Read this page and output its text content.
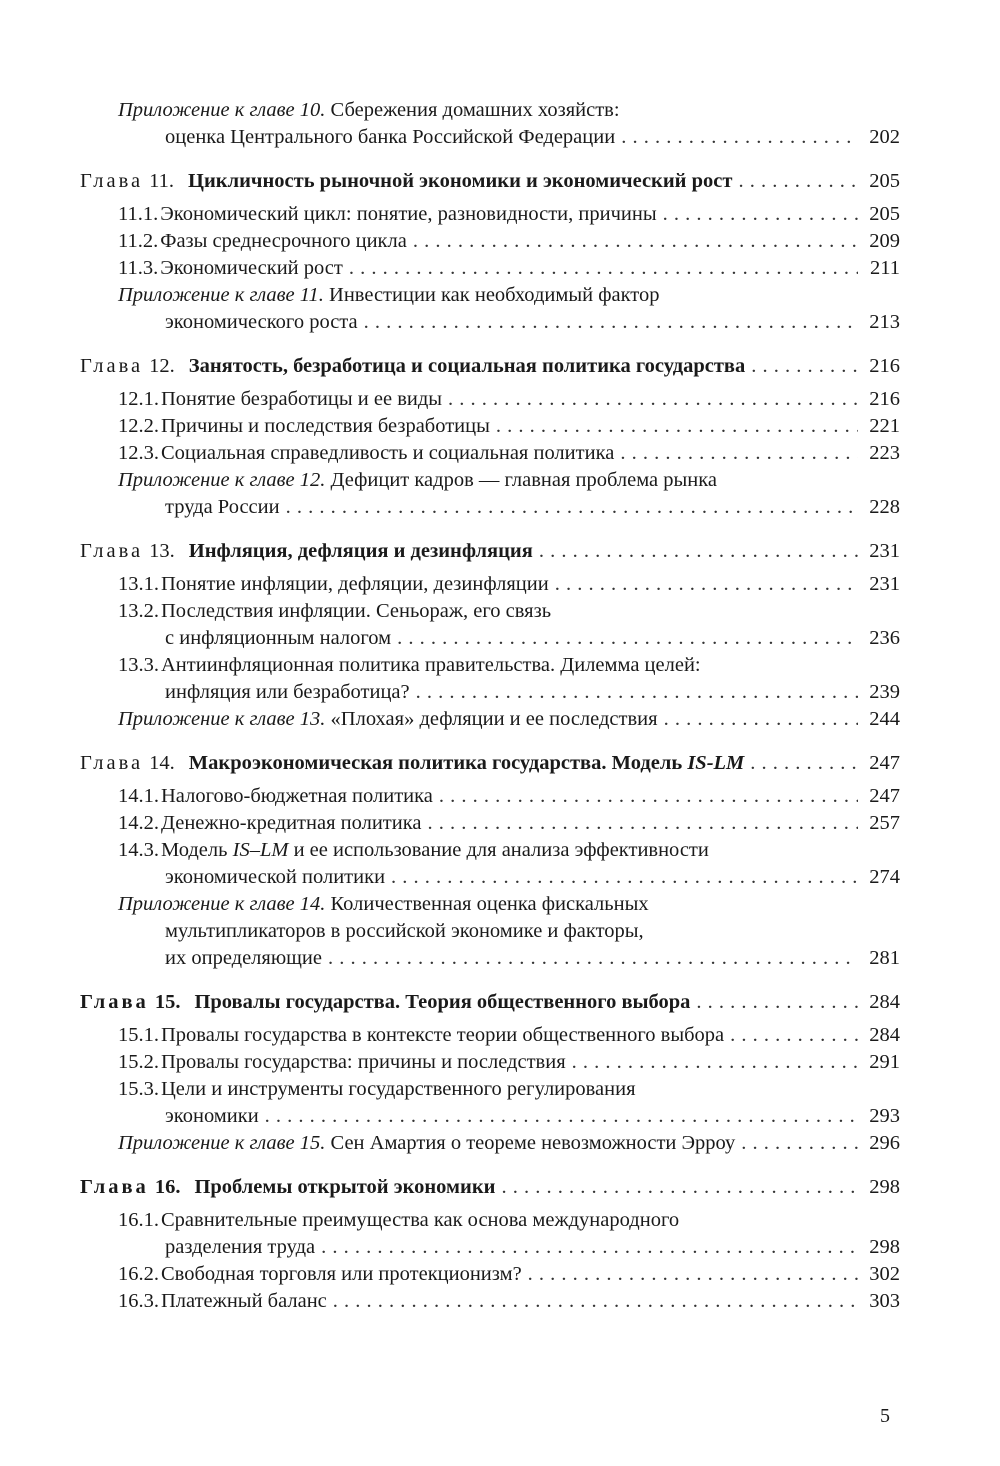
Приложение к главе 10. Сбережения домашних хозяйств:
оценка Центрального банка Российской Федерации . . .	202
Глава 11. Цикличность рыночной экономики и экономический рост . . .	205
11.1.Экономический цикл: понятие, разновидности, причины . . .	205
11.2.Фазы среднесрочного цикла . . .	209
11.3.Экономический рост . . .	211
Приложение к главе 11. Инвестиции как необходимый фактор
экономического роста . . .	213
Глава 12. Занятость, безработица и социальная политика государства . . .	216
12.1.Понятие безработицы и ее виды . . .	216
12.2.Причины и последствия безработицы . . .	221
12.3.Социальная справедливость и социальная политика . . .	223
Приложение к главе 12. Дефицит кадров — главная проблема рынка
труда России . . .	228
Глава 13. Инфляция, дефляция и дезинфляция . . .	231
13.1.Понятие инфляции, дефляции, дезинфляции . . .	231
13.2.Последствия инфляции. Сеньораж, его связь
с инфляционным налогом . . .	236
13.3.Антиинфляционная политика правительства. Дилемма целей:
инфляция или безработица? . . .	239
Приложение к главе 13. «Плохая» дефляции и ее последствия . . .	244
Глава 14. Макроэкономическая политика государства. Модель IS-LM . . .	247
14.1.Налогово-бюджетная политика . . .	247
14.2.Денежно-кредитная политика . . .	257
14.3.Модель IS–LM и ее использование для анализа эффективности
экономической политики . . .	274
Приложение к главе 14. Количественная оценка фискальных
мультипликаторов в российской экономике и факторы,
их определяющие . . .	281
Глава 15. Провалы государства. Теория общественного выбора . . .	284
15.1.Провалы государства в контексте теории общественного выбора . . .	284
15.2.Провалы государства: причины и последствия . . .	291
15.3.Цели и инструменты государственного регулирования
экономики . . .	293
Приложение к главе 15. Сен Амартия о теореме невозможности Эрроу . . .	296
Глава 16. Проблемы открытой экономики . . .	298
16.1.Сравнительные преимущества как основа международного
разделения труда . . .	298
16.2.Свободная торговля или протекционизм? . . .	302
16.3.Платежный баланс . . .	303
5
